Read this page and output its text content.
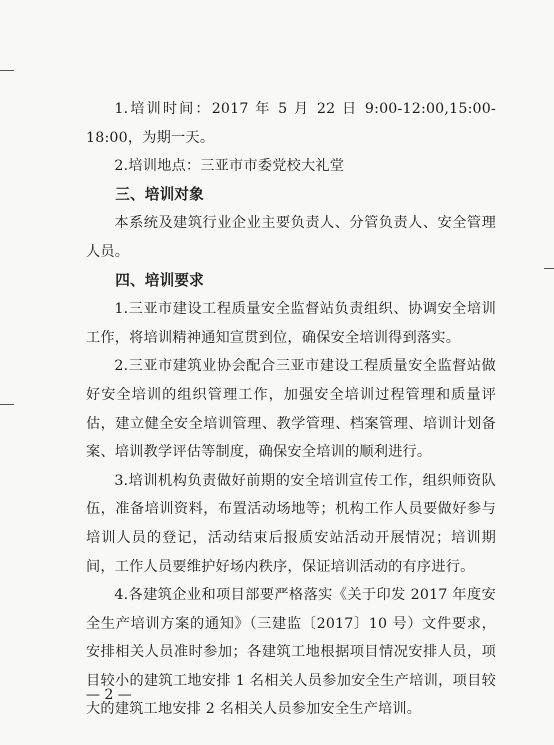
1.培训时间：2017 年 5 月 22 日 9:00-12:00,15:00-18:00，为期一天。

2.培训地点：三亚市市委党校大礼堂

三、培训对象

本系统及建筑行业企业主要负责人、分管负责人、安全管理人员。

四、培训要求

1.三亚市建设工程质量安全监督站负责组织、协调安全培训工作，将培训精神通知宣贯到位，确保安全培训得到落实。

2.三亚市建筑业协会配合三亚市建设工程质量安全监督站做好安全培训的组织管理工作，加强安全培训过程管理和质量评估，建立健全安全培训管理、教学管理、档案管理、培训计划备案、培训教学评估等制度，确保安全培训的顺利进行。

3.培训机构负责做好前期的安全培训宣传工作，组织师资队伍，准备培训资料，布置活动场地等；机构工作人员要做好参与培训人员的登记，活动结束后报质安站活动开展情况；培训期间，工作人员要维护好场内秩序，保证培训活动的有序进行。

4.各建筑企业和项目部要严格落实《关于印发 2017 年度安全生产培训方案的通知》（三建监〔2017〕10 号）文件要求，安排相关人员准时参加；各建筑工地根据项目情况安排人员，项目较小的建筑工地安排 1 名相关人员参加安全生产培训，项目较大的建筑工地安排 2 名相关人员参加安全生产培训。

— 2 —
